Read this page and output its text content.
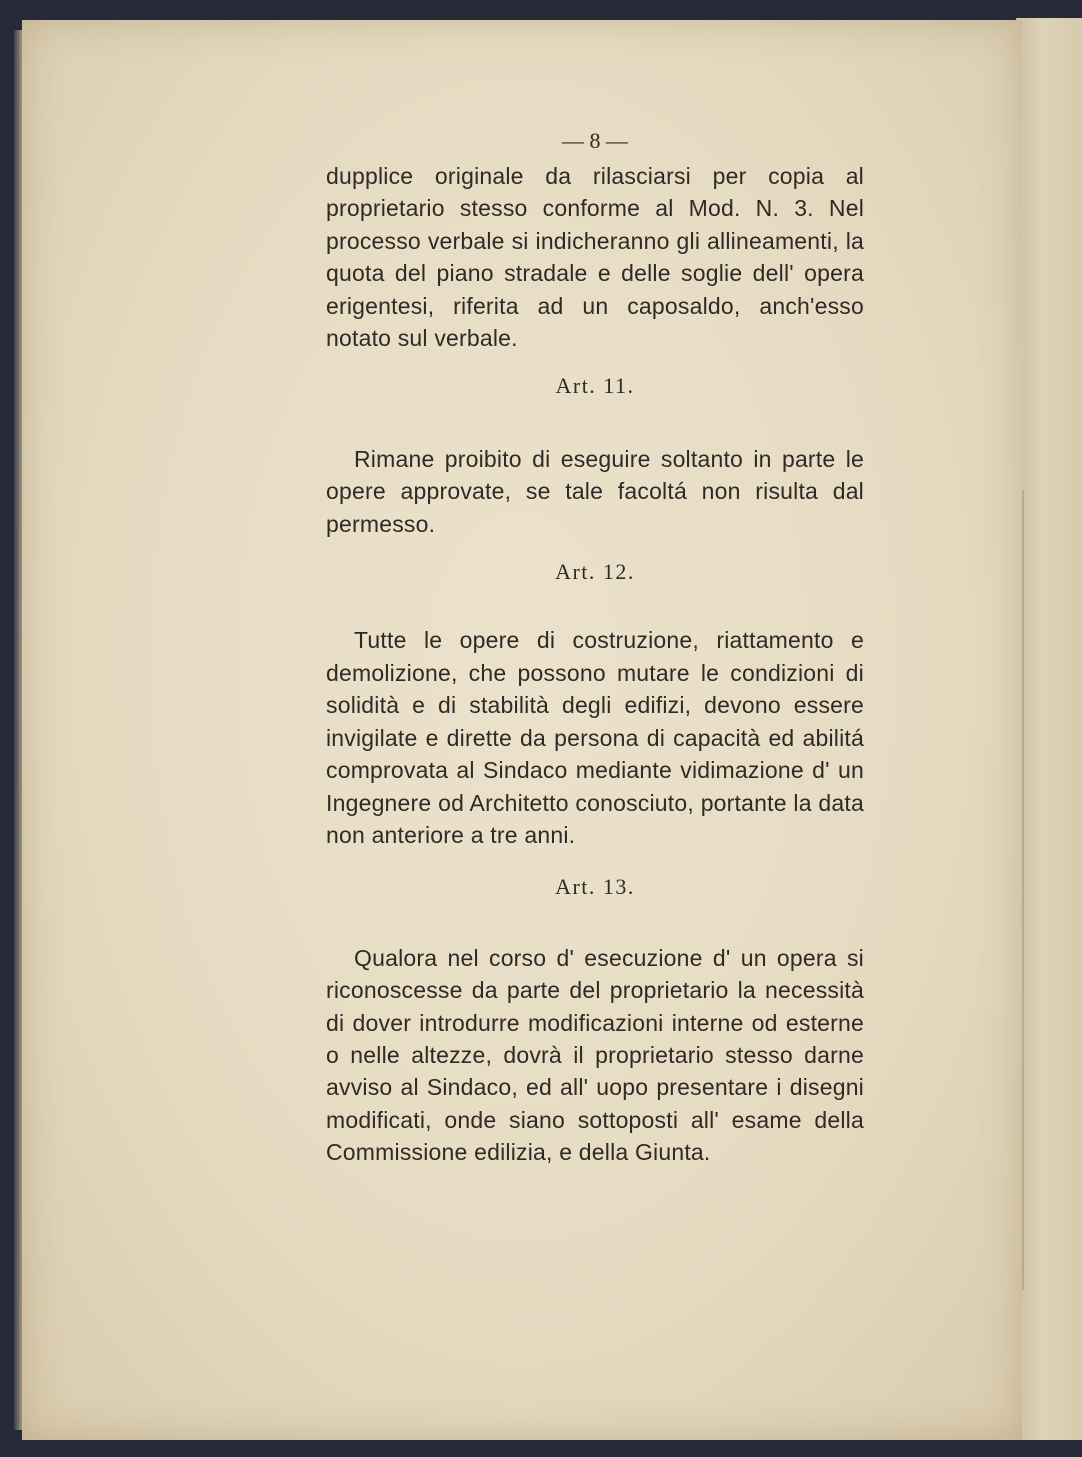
— 8 —

dupplice originale da rilasciarsi per copia al proprietario stesso conforme al Mod. N. 3. Nel processo verbale si indicheranno gli allineamenti, la quota del piano stradale e delle soglie dell' opera erigentesi, riferita ad un caposaldo, anch'esso notato sul verbale.

Art. 11.

Rimane proibito di eseguire soltanto in parte le opere approvate, se tale facoltá non risulta dal permesso.

Art. 12.

Tutte le opere di costruzione, riattamento e demolizione, che possono mutare le condizioni di solidità e di stabilità degli edifizi, devono essere invigilate e dirette da persona di capacità ed abilitá comprovata al Sindaco mediante vidimazione d' un Ingegnere od Architetto conosciuto, portante la data non anteriore a tre anni.

Art. 13.

Qualora nel corso d' esecuzione d' un opera si riconoscesse da parte del proprietario la necessità di dover introdurre modificazioni interne od esterne o nelle altezze, dovrà il proprietario stesso darne avviso al Sindaco, ed all' uopo presentare i disegni modificati, onde siano sottoposti all' esame della Commissione edilizia, e della Giunta.
